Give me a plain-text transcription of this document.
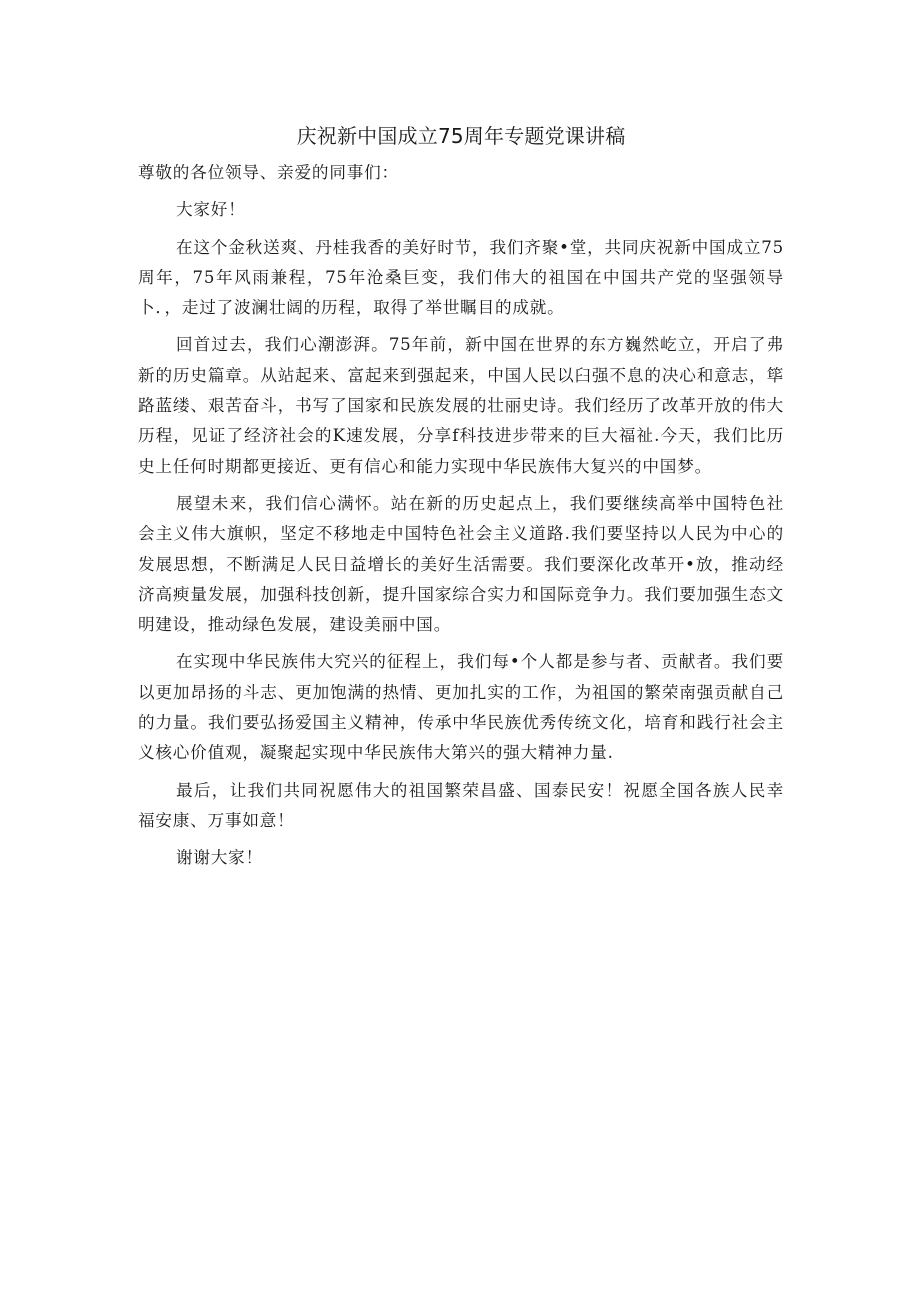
庆祝新中国成立75周年专题党课讲稿

尊敬的各位领导、亲爱的同事们：

大家好！

在这个金秋送爽、丹桂我香的美好时节，我们齐聚•堂，共同庆祝新中国成立75周年，75年风雨兼程，75年沧桑巨变，我们伟大的祖国在中国共产党的坚强领导卜．，走过了波澜壮阔的历程，取得了举世瞩目的成就。

回首过去，我们心潮澎湃。75年前，新中国在世界的东方巍然屹立，开启了弗新的历史篇章。从站起来、富起来到强起来，中国人民以臼强不息的决心和意志，筚路蓝缕、艰苦奋斗，书写了国家和民族发展的壮丽史诗。我们经历了改革开放的伟大历程，见证了经济社会的K速发展，分享f科技进步带来的巨大福祉.今天，我们比历史上任何时期都更接近、更有信心和能力实现中华民族伟大复兴的中国梦。

展望未来，我们信心满怀。站在新的历史起点上，我们要继续高举中国特色社会主义伟大旗帜，坚定不移地走中国特色社会主义道路.我们要坚持以人民为中心的发展思想，不断满足人民日益增长的美好生活需要。我们要深化改革开•放，推动经济高瘐量发展，加强科技创新，提升国家综合实力和国际竞争力。我们要加强生态文明建设，推动绿色发展，建设美丽中国。

在实现中华民族伟大究兴的征程上，我们每•个人都是参与者、贡献者。我们要以更加昂扬的斗志、更加饱满的热情、更加扎实的工作，为祖国的繁荣南强贡献自己的力量。我们要弘扬爱国主义精神，传承中华民族优秀传统文化，培育和践行社会主义核心价值观，凝聚起实现中华民族伟大第兴的强大精神力量.

最后，让我们共同祝愿伟大的祖国繁荣昌盛、国泰民安！祝愿全国各族人民幸福安康、万事如意！

谢谢大家！
